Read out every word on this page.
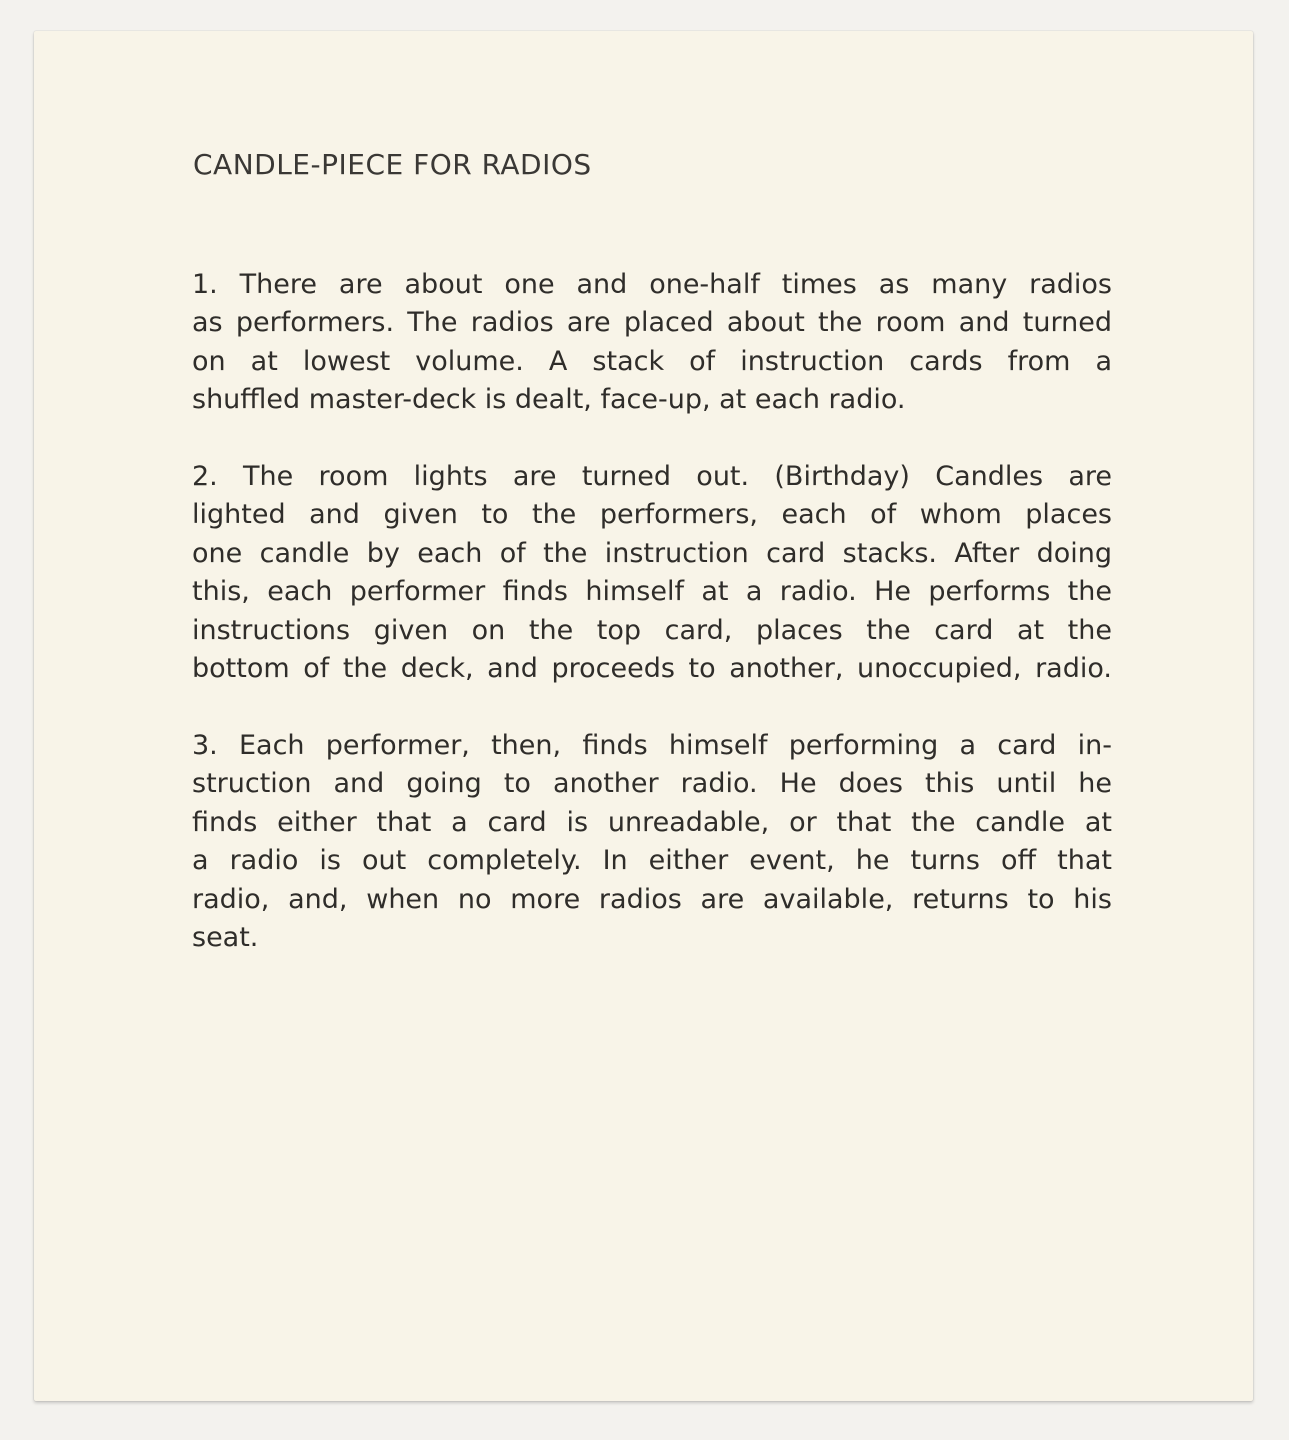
CANDLE-PIECE FOR RADIOS
1. There are about one and one-half times as many radios
as performers. The radios are placed about the room and turned
on at lowest volume. A stack of instruction cards from a
shuffled master-deck is dealt, face-up, at each radio.
2. The room lights are turned out. (Birthday) Candles are
lighted and given to the performers, each of whom places
one candle by each of the instruction card stacks. After doing
this, each performer finds himself at a radio. He performs the
instructions given on the top card, places the card at the
bottom of the deck, and proceeds to another, unoccupied, radio.
3. Each performer, then, finds himself performing a card in-
struction and going to another radio. He does this until he
finds either that a card is unreadable, or that the candle at
a radio is out completely. In either event, he turns off that
radio, and, when no more radios are available, returns to his
seat.
